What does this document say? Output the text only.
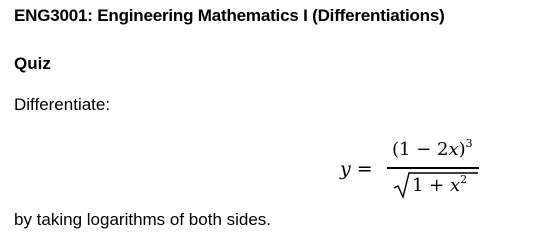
ENG3001: Engineering Mathematics I (Differentiations)
Quiz
Differentiate:
y =
$(1 - 2x)^3$
$1 + x^2$
by taking logarithms of both sides.
